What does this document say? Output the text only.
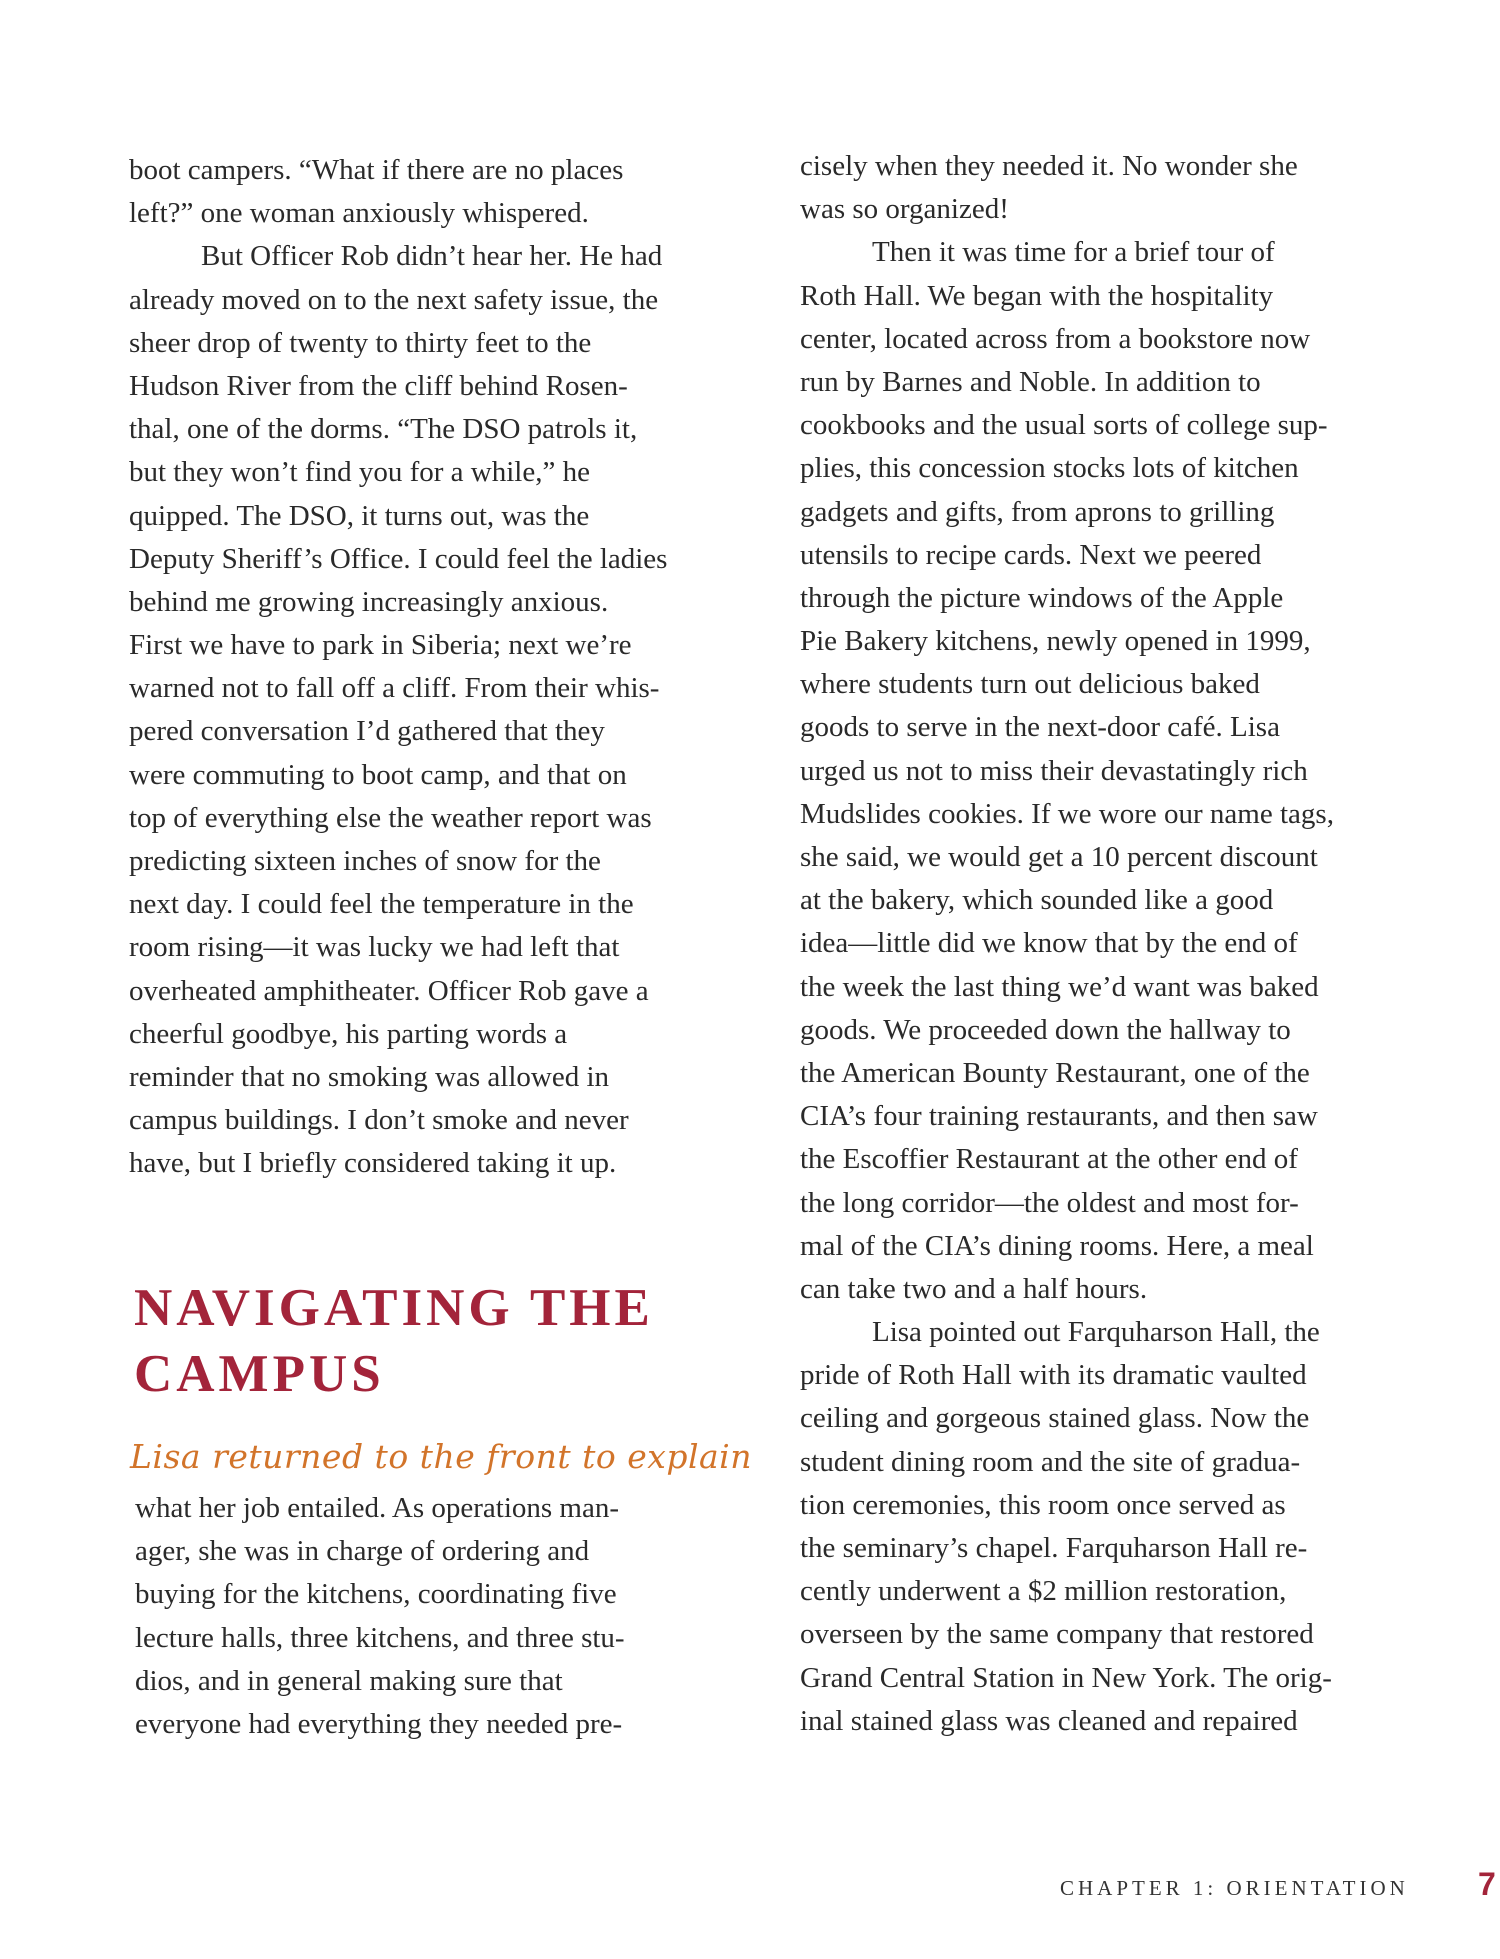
boot campers. “What if there are no places
left?” one woman anxiously whispered.
But Officer Rob didn’t hear her. He had
already moved on to the next safety issue, the
sheer drop of twenty to thirty feet to the
Hudson River from the cliff behind Rosen-
thal, one of the dorms. “The DSO patrols it,
but they won’t find you for a while,” he
quipped. The DSO, it turns out, was the
Deputy Sheriff’s Office. I could feel the ladies
behind me growing increasingly anxious.
First we have to park in Siberia; next we’re
warned not to fall off a cliff. From their whis-
pered conversation I’d gathered that they
were commuting to boot camp, and that on
top of everything else the weather report was
predicting sixteen inches of snow for the
next day. I could feel the temperature in the
room rising—it was lucky we had left that
overheated amphitheater. Officer Rob gave a
cheerful goodbye, his parting words a
reminder that no smoking was allowed in
campus buildings. I don’t smoke and never
have, but I briefly considered taking it up.
NAVIGATING THE
CAMPUS
Lisa returned to the front to explain
what her job entailed. As operations man-
ager, she was in charge of ordering and
buying for the kitchens, coordinating five
lecture halls, three kitchens, and three stu-
dios, and in general making sure that
everyone had everything they needed pre-
cisely when they needed it. No wonder she
was so organized!
Then it was time for a brief tour of
Roth Hall. We began with the hospitality
center, located across from a bookstore now
run by Barnes and Noble. In addition to
cookbooks and the usual sorts of college sup-
plies, this concession stocks lots of kitchen
gadgets and gifts, from aprons to grilling
utensils to recipe cards. Next we peered
through the picture windows of the Apple
Pie Bakery kitchens, newly opened in 1999,
where students turn out delicious baked
goods to serve in the next-door café. Lisa
urged us not to miss their devastatingly rich
Mudslides cookies. If we wore our name tags,
she said, we would get a 10 percent discount
at the bakery, which sounded like a good
idea—little did we know that by the end of
the week the last thing we’d want was baked
goods. We proceeded down the hallway to
the American Bounty Restaurant, one of the
CIA’s four training restaurants, and then saw
the Escoffier Restaurant at the other end of
the long corridor—the oldest and most for-
mal of the CIA’s dining rooms. Here, a meal
can take two and a half hours.
Lisa pointed out Farquharson Hall, the
pride of Roth Hall with its dramatic vaulted
ceiling and gorgeous stained glass. Now the
student dining room and the site of gradua-
tion ceremonies, this room once served as
the seminary’s chapel. Farquharson Hall re-
cently underwent a $2 million restoration,
overseen by the same company that restored
Grand Central Station in New York. The orig-
inal stained glass was cleaned and repaired
CHAPTER 1: ORIENTATION 7
